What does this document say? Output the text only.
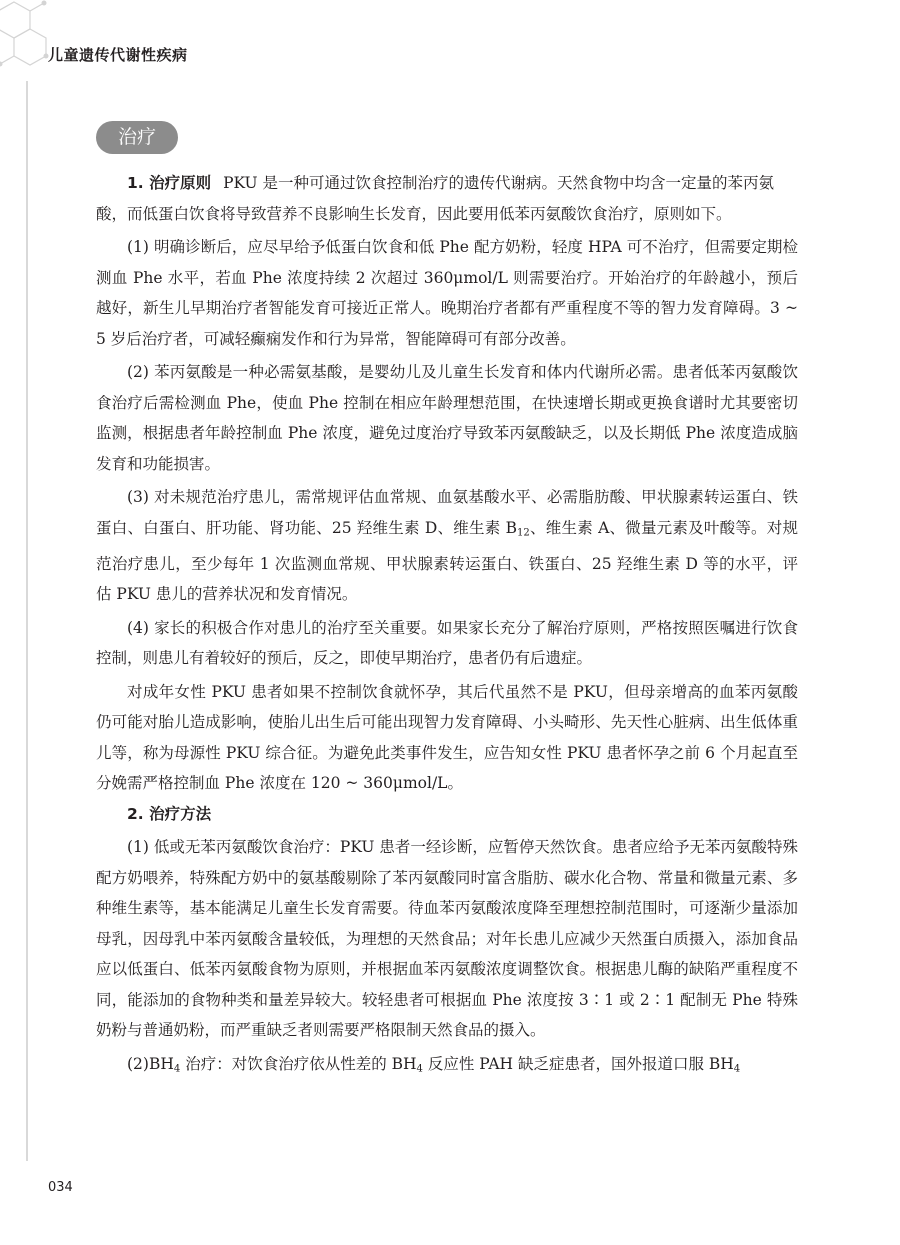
儿童遗传代谢性疾病
治疗

1. 治疗原则 PKU 是一种可通过饮食控制治疗的遗传代谢病。天然食物中均含一定量的苯丙氨酸，而低蛋白饮食将导致营养不良影响生长发育，因此要用低苯丙氨酸饮食治疗，原则如下。

(1) 明确诊断后，应尽早给予低蛋白饮食和低 Phe 配方奶粉，轻度 HPA 可不治疗，但需要定期检测血 Phe 水平，若血 Phe 浓度持续 2 次超过 360μmol/L 则需要治疗。开始治疗的年龄越小，预后越好，新生儿早期治疗者智能发育可接近正常人。晚期治疗者都有严重程度不等的智力发育障碍。3 ~ 5 岁后治疗者，可减轻癫痫发作和行为异常，智能障碍可有部分改善。

(2) 苯丙氨酸是一种必需氨基酸，是婴幼儿及儿童生长发育和体内代谢所必需。患者低苯丙氨酸饮食治疗后需检测血 Phe，使血 Phe 控制在相应年龄理想范围，在快速增长期或更换食谱时尤其要密切监测，根据患者年龄控制血 Phe 浓度，避免过度治疗导致苯丙氨酸缺乏，以及长期低 Phe 浓度造成脑发育和功能损害。

(3) 对未规范治疗患儿，需常规评估血常规、血氨基酸水平、必需脂肪酸、甲状腺素转运蛋白、铁蛋白、白蛋白、肝功能、肾功能、25 羟维生素 D、维生素 $B_{12}$、维生素 A、微量元素及叶酸等。对规范治疗患儿，至少每年 1 次监测血常规、甲状腺素转运蛋白、铁蛋白、25 羟维生素 D 等的水平，评估 PKU 患儿的营养状况和发育情况。

(4) 家长的积极合作对患儿的治疗至关重要。如果家长充分了解治疗原则，严格按照医嘱进行饮食控制，则患儿有着较好的预后，反之，即使早期治疗，患者仍有后遗症。

对成年女性 PKU 患者如果不控制饮食就怀孕，其后代虽然不是 PKU，但母亲增高的血苯丙氨酸仍可能对胎儿造成影响，使胎儿出生后可能出现智力发育障碍、小头畸形、先天性心脏病、出生低体重儿等，称为母源性 PKU 综合征。为避免此类事件发生，应告知女性 PKU 患者怀孕之前 6 个月起直至分娩需严格控制血 Phe 浓度在 120 ~ 360μmol/L。

2. 治疗方法

(1) 低或无苯丙氨酸饮食治疗：PKU 患者一经诊断，应暂停天然饮食。患者应给予无苯丙氨酸特殊配方奶喂养，特殊配方奶中的氨基酸剔除了苯丙氨酸同时富含脂肪、碳水化合物、常量和微量元素、多种维生素等，基本能满足儿童生长发育需要。待血苯丙氨酸浓度降至理想控制范围时，可逐渐少量添加母乳，因母乳中苯丙氨酸含量较低，为理想的天然食品；对年长患儿应减少天然蛋白质摄入，添加食品应以低蛋白、低苯丙氨酸食物为原则，并根据血苯丙氨酸浓度调整饮食。根据患儿酶的缺陷严重程度不同，能添加的食物种类和量差异较大。较轻患者可根据血 Phe 浓度按 3∶1 或 2∶1 配制无 Phe 特殊奶粉与普通奶粉，而严重缺乏者则需要严格限制天然食品的摄入。

$(2)BH_4$ 治疗：对饮食治疗依从性差的 $BH_4$ 反应性 PAH 缺乏症患者，国外报道口服 $BH_4$

034
